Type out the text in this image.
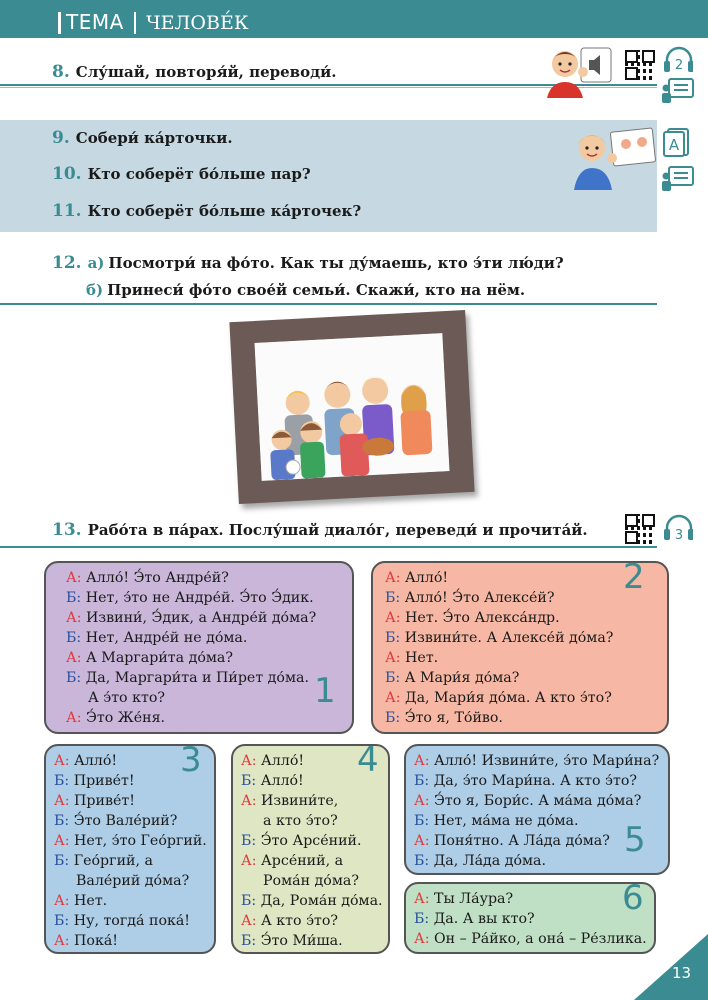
ТЕМА ЧЕЛОВЕ́К
8. Слу́шай, повторя́й, переводи́.	2
9. Собери́ ка́рточки.
10. Кто соберёт бо́льше пар?
11. Кто соберёт бо́льше ка́рточек?
A
12. а) Посмотри́ на фо́то. Как ты ду́маешь, кто э́ти лю́ди?
б) Принеси́ фо́то свое́й семьи́. Скажи́, кто на нём.
13. Рабо́та в па́рах. Послу́шай диало́г, переведи́ и прочита́й.	3
А: Алло́! Э́то Андре́й?
Б: Нет, э́то не Андре́й. Э́то Э́дик.
А: Извини́, Э́дик, а Андре́й до́ма?
Б: Нет, Андре́й не до́ма.
А: А Маргари́та до́ма?
Б: Да, Маргари́та и Пи́рет до́ма.
А э́то кто?
А: Э́то Же́ня.
1
А: Алло́!
Б: Алло́! Э́то Алексе́й?
А: Нет. Э́то Алекса́ндр.
Б: Извини́те. А Алексе́й до́ма?
А: Нет.
Б: А Мари́я до́ма?
А: Да, Мари́я до́ма. А кто э́то?
Б: Э́то я, То́йво.
2
А: Алло́!
Б: Приве́т!
А: Приве́т!
Б: Э́то Вале́рий?
А: Нет, э́то Гео́ргий.
Б: Гео́ргий, а
Вале́рий до́ма?
А: Нет.
Б: Ну, тогда́ пока́!
А: Пока́!
3	А: Алло́!
Б: Алло́!
А: Извини́те,
а кто э́то?
Б: Э́то Арсе́ний.
А: Арсе́ний, а
Рома́н до́ма?
Б: Да, Рома́н до́ма.
А: А кто э́то?
Б: Э́то Ми́ша.
4 А: Алло́! Извини́те, э́то Мари́на?
Б: Да, э́то Мари́на. А кто э́то?
А: Э́то я, Бори́с. А ма́ма до́ма?
Б: Нет, ма́ма не до́ма.
А: Поня́тно. А Ла́да до́ма?
Б: Да, Ла́да до́ма.
5
А: Ты Ла́ура?
Б: Да. А вы кто?
А: Он – Ра́йко, а она́ – Ре́злика.
6
13
